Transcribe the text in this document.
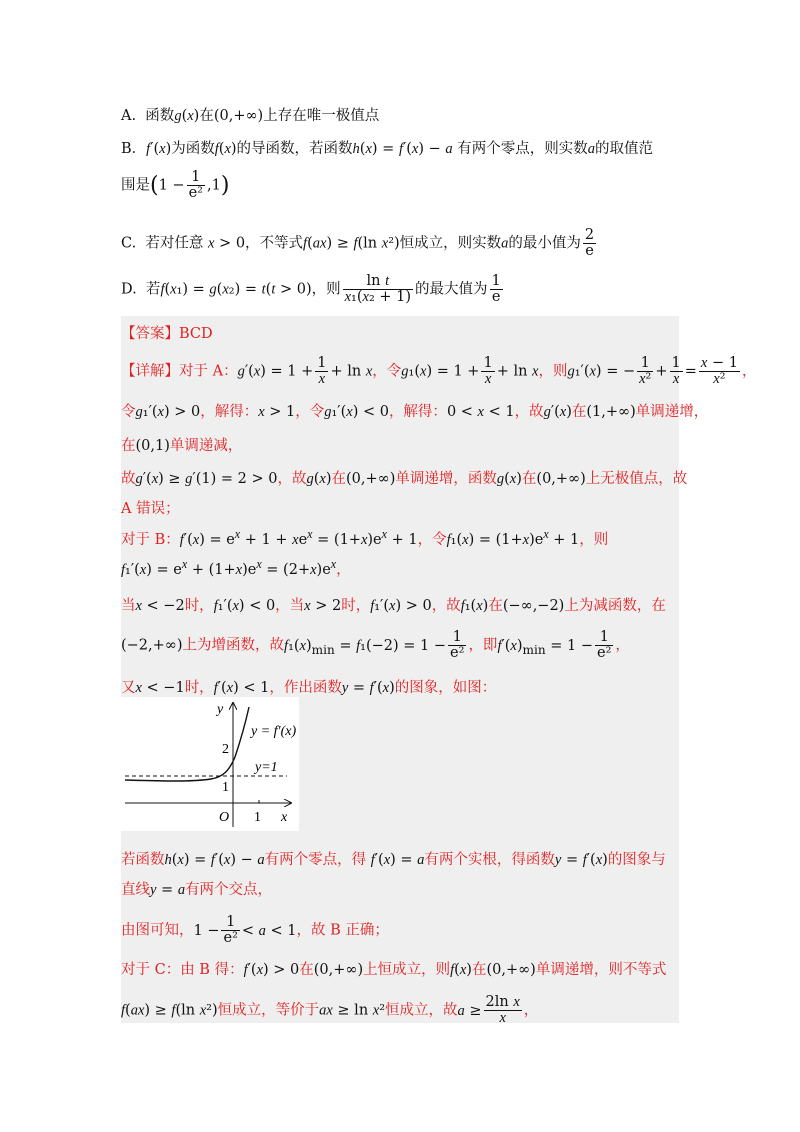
A.  函数g(x)在(0,+∞)上存在唯一极值点
B．f′(x)为函数f(x)的导函数，若函数h(x) = f′(x) − a 有两个零点，则实数a的取值范
围是$(1 - \frac{1}{\text{e²}} ,1)$
C.  若对任意 x > 0，不等式f(ax) ≥ f(ln x²)恒成立，则实数a的最小值为 $\frac{2}{e}$
D.  若f(x₁) = g(x₂) = t(t > 0)，则 $\frac{\text{ln t}}{\text{x₁(x₂ + 1)}}$ 的最大值为 $\frac{1}{e}$
【答案】BCD
【详解】对于 A：$g'(x) = 1 + \frac{1}{x} + \ln x$，令$g_1(x) = 1 + \frac{1}{x} + \ln x$，则g₁′(x) = − $\frac{1}{\text{x²}} + \frac{1}{x} = \frac{x - 1}{\text{x²}}$ ，
令g₁′(x) > 0，解得：x > 1，令g₁′(x) < 0，解得：0 < x < 1，故g′(x)在(1,+∞)单调递增，
在(0,1)单调递减，
故g′(x) ≥ g′(1) = 2 > 0，故g(x)在(0,+∞)单调递增，函数g(x)在(0,+∞)上无极值点，故
A 错误；
对于 B：$f'(x) = e^x + 1 + xe^x = (1+x)e^x + 1$，令$f_1(x) = (1+x)e^x + 1$，则
$f_1'(x) = e^x + (1+x)e^x = (2+x)e^x$，
当x < −2时，f₁′(x) < 0，当x > 2时，f₁′(x) > 0，故f₁(x)在(−∞,−2)上为减函数，在
(−2,+∞)上为增函数，故$f_1(x)_{min} = f_1(-2) = 1 - \frac{1}{\text{e²}}$ ，即$f'(x)_{min} = 1 - \frac{1}{\text{e²}}$ ，
又x < −1时，f′(x) < 1，作出函数y = f′(x)的图象，如图：
y
x
O 1
2
1
y = f′(x)
y=1
若函数h(x) = f′(x) − a有两个零点，得 f′(x) = a有两个实根，得函数y = f′(x)的图象与
直线y = a有两个交点，
由图可知，$1 - \frac{1}{\text{e²}} < a < 1$，故 B 正确；
对于 C：由 B 得：f′(x) > 0在(0,+∞)上恒成立，则f(x)在(0,+∞)单调递增，则不等式
f(ax) ≥ f(ln x²)恒成立，等价于ax ≥ ln x²恒成立，故$a \ge \frac{\text{2ln x}}{x}$ ，
